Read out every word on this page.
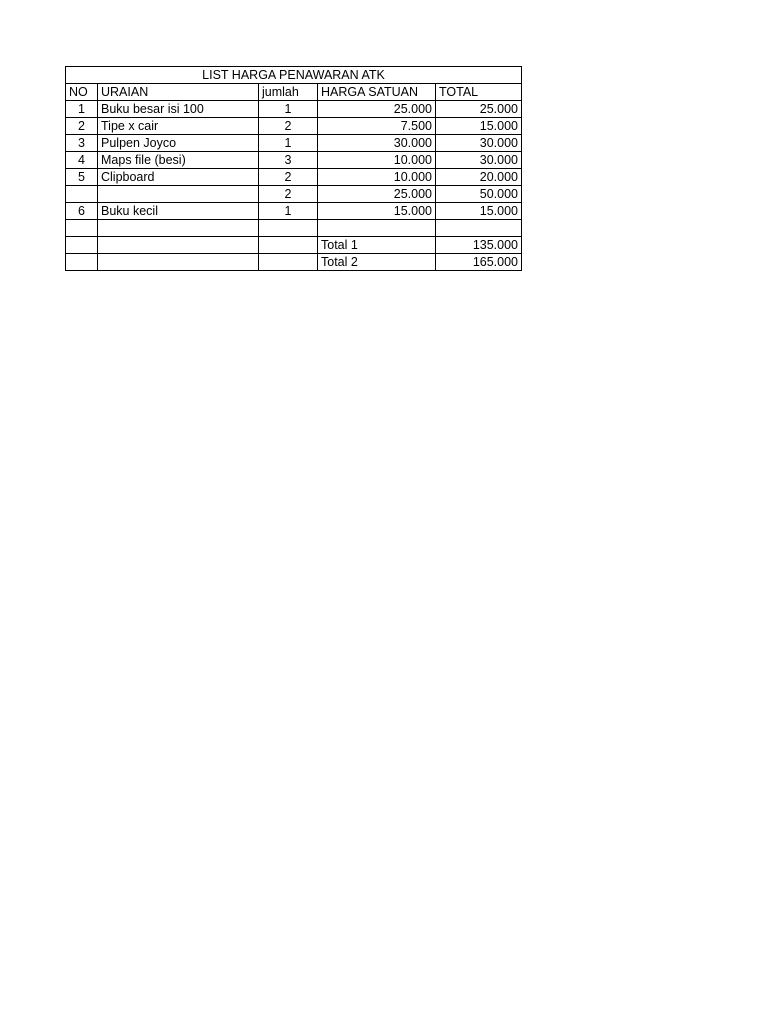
LIST HARGA PENAWARAN ATK				
NO	URAIAN	jumlah	HARGA SATUAN	TOTAL
1	Buku besar isi 100	1	25.000	25.000
2	Tipe x cair	2	7.500	15.000
3	Pulpen Joyco	1	30.000	30.000
4	Maps file (besi)	3	10.000	30.000
5	Clipboard	2	10.000	20.000
		2	25.000	50.000
6	Buku kecil	1	15.000	15.000

			Total 1	135.000
			Total 2	165.000
